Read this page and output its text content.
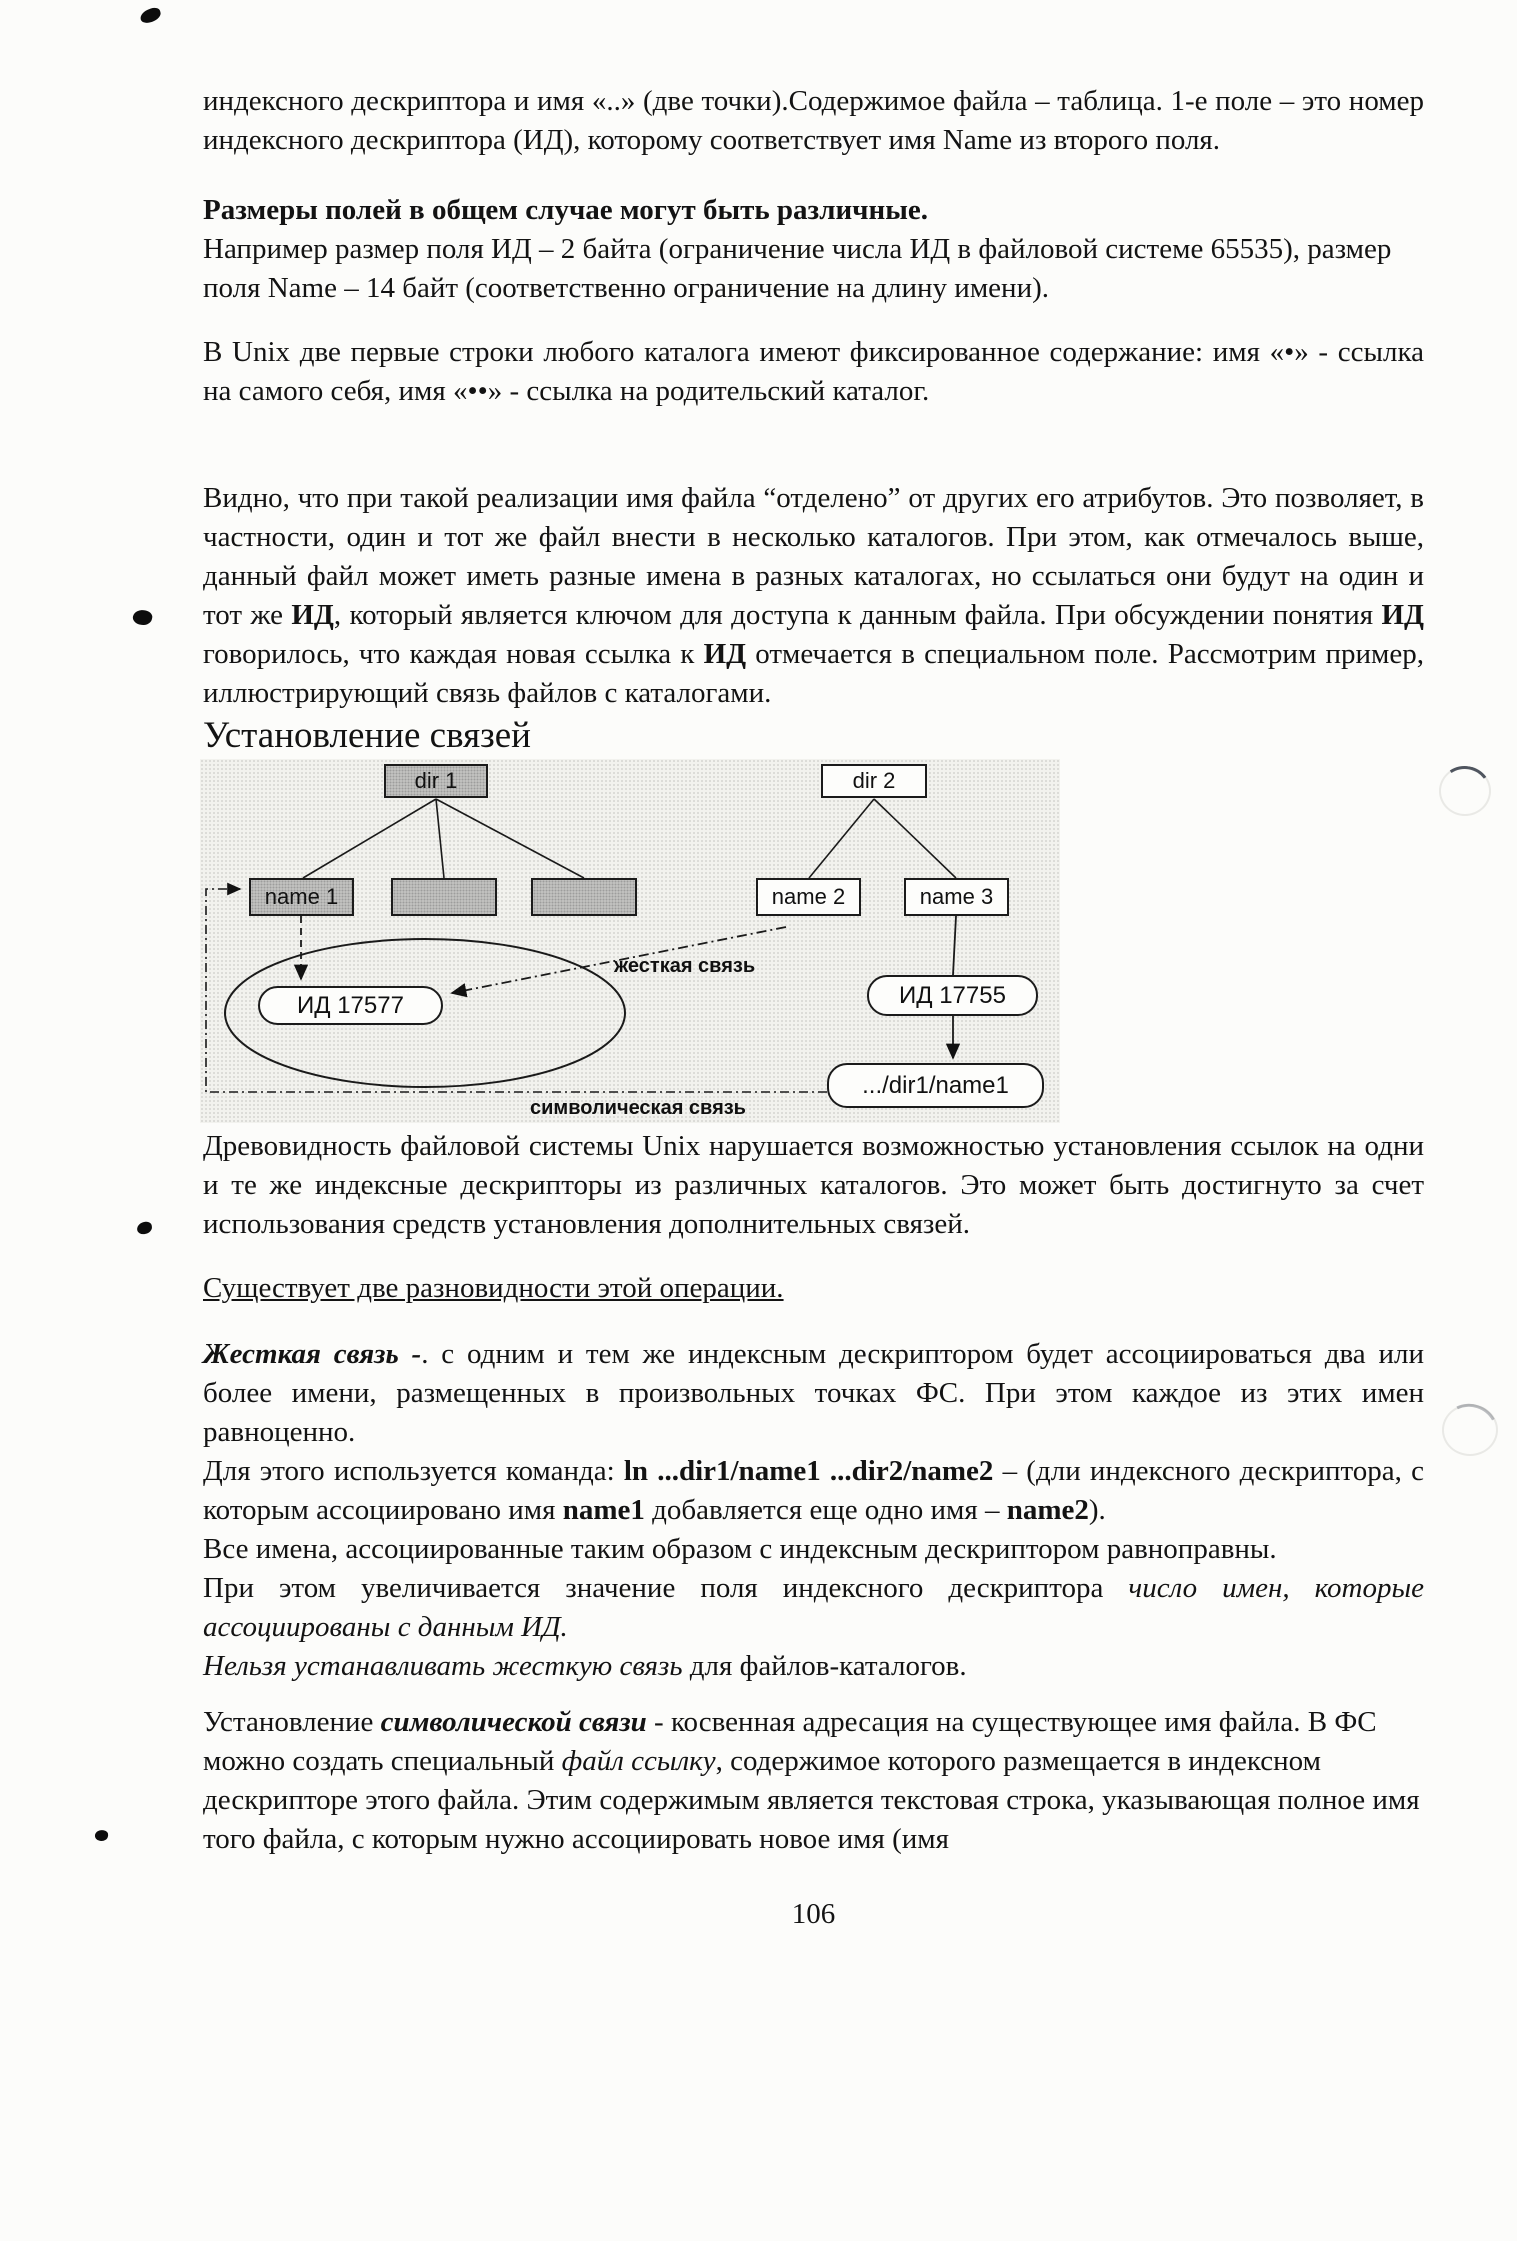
индексного дескриптора и имя «..» (две точки).Содержимое файла – таблица. 1-е поле – это номер индексного дескриптора (ИД), которому соответствует имя Name из второго поля.

Размеры полей в общем случае могут быть различные.

Например размер поля ИД – 2 байта (ограничение числа ИД в файловой системе 65535), размер поля Name – 14 байт (соответственно ограничение на длину имени).

В Unix две первые строки любого каталога имеют фиксированное содержание: имя «•» - ссылка на самого себя, имя «••» - ссылка на родительский каталог.

Видно, что при такой реализации имя файла “отделено” от других его атрибутов. Это позволяет, в частности, один и тот же файл внести в несколько каталогов. При этом, как отмечалось выше, данный файл может иметь разные имена в разных каталогах, но ссылаться они будут на один и тот же ИД, который является ключом для доступа к данным файла. При обсуждении понятия ИД говорилось, что каждая новая ссылка к ИД отмечается в специальном поле. Рассмотрим пример, иллюстрирующий связь файлов с каталогами.

Установление связей
dir 1	dir 2
name 1	name 2	name 3
ИД 17577	ИД 17755
.../dir1/name1
жесткая связь
символическая связь

Древовидность файловой системы Unix нарушается возможностью установления ссылок на одни и те же индексные дескрипторы из различных каталогов. Это может быть достигнуто за счет использования средств установления дополнительных связей.

Существует две разновидности этой операции.

Жесткая связь -. с одним и тем же индексным дескриптором будет ассоциироваться два или более имени, размещенных в произвольных точках ФС. При этом каждое из этих имен равноценно.

Для этого используется команда: ln ...dir1/name1 ...dir2/name2 – (дли индексного дескриптора, с которым ассоциировано имя name1 добавляется еще одно имя – name2).

Все имена, ассоциированные таким образом с индексным дескриптором равноправны.

При этом увеличивается значение поля индексного дескриптора число имен, которые ассоциированы с данным ИД.

Нельзя устанавливать жесткую связь для файлов-каталогов.

Установление символической связи - косвенная адресация на существующее имя файла. В ФС можно создать специальный файл ссылку, содержимое которого размещается в индексном дескрипторе этого файла. Этим содержимым является текстовая строка, указывающая полное имя того файла, с которым нужно ассоциировать новое имя (имя

106
